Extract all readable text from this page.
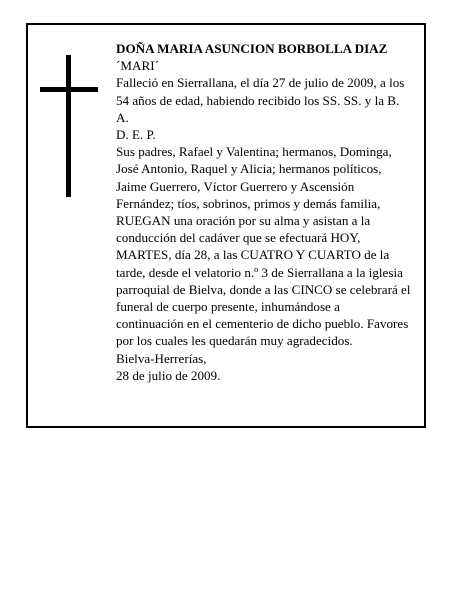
DOÑA MARIA ASUNCION BORBOLLA DIAZ
´MARI´
Falleció en Sierrallana, el día 27 de julio de 2009, a los
54 años de edad, habiendo recibido los SS. SS. y la B.
A.
D. E. P.
Sus padres, Rafael y Valentina; hermanos, Dominga,
José Antonio, Raquel y Alicia; hermanos políticos,
Jaime Guerrero, Víctor Guerrero y Ascensión
Fernández; tíos, sobrinos, primos y demás familia,
RUEGAN una oración por su alma y asistan a la
conducción del cadáver que se efectuará HOY,
MARTES, día 28, a las CUATRO Y CUARTO de la
tarde, desde el velatorio n.º 3 de Sierrallana a la iglesia
parroquial de Bielva, donde a las CINCO se celebrará el
funeral de cuerpo presente, inhumándose a
continuación en el cementerio de dicho pueblo. Favores
por los cuales les quedarán muy agradecidos.
Bielva-Herrerías,
28 de julio de 2009.
